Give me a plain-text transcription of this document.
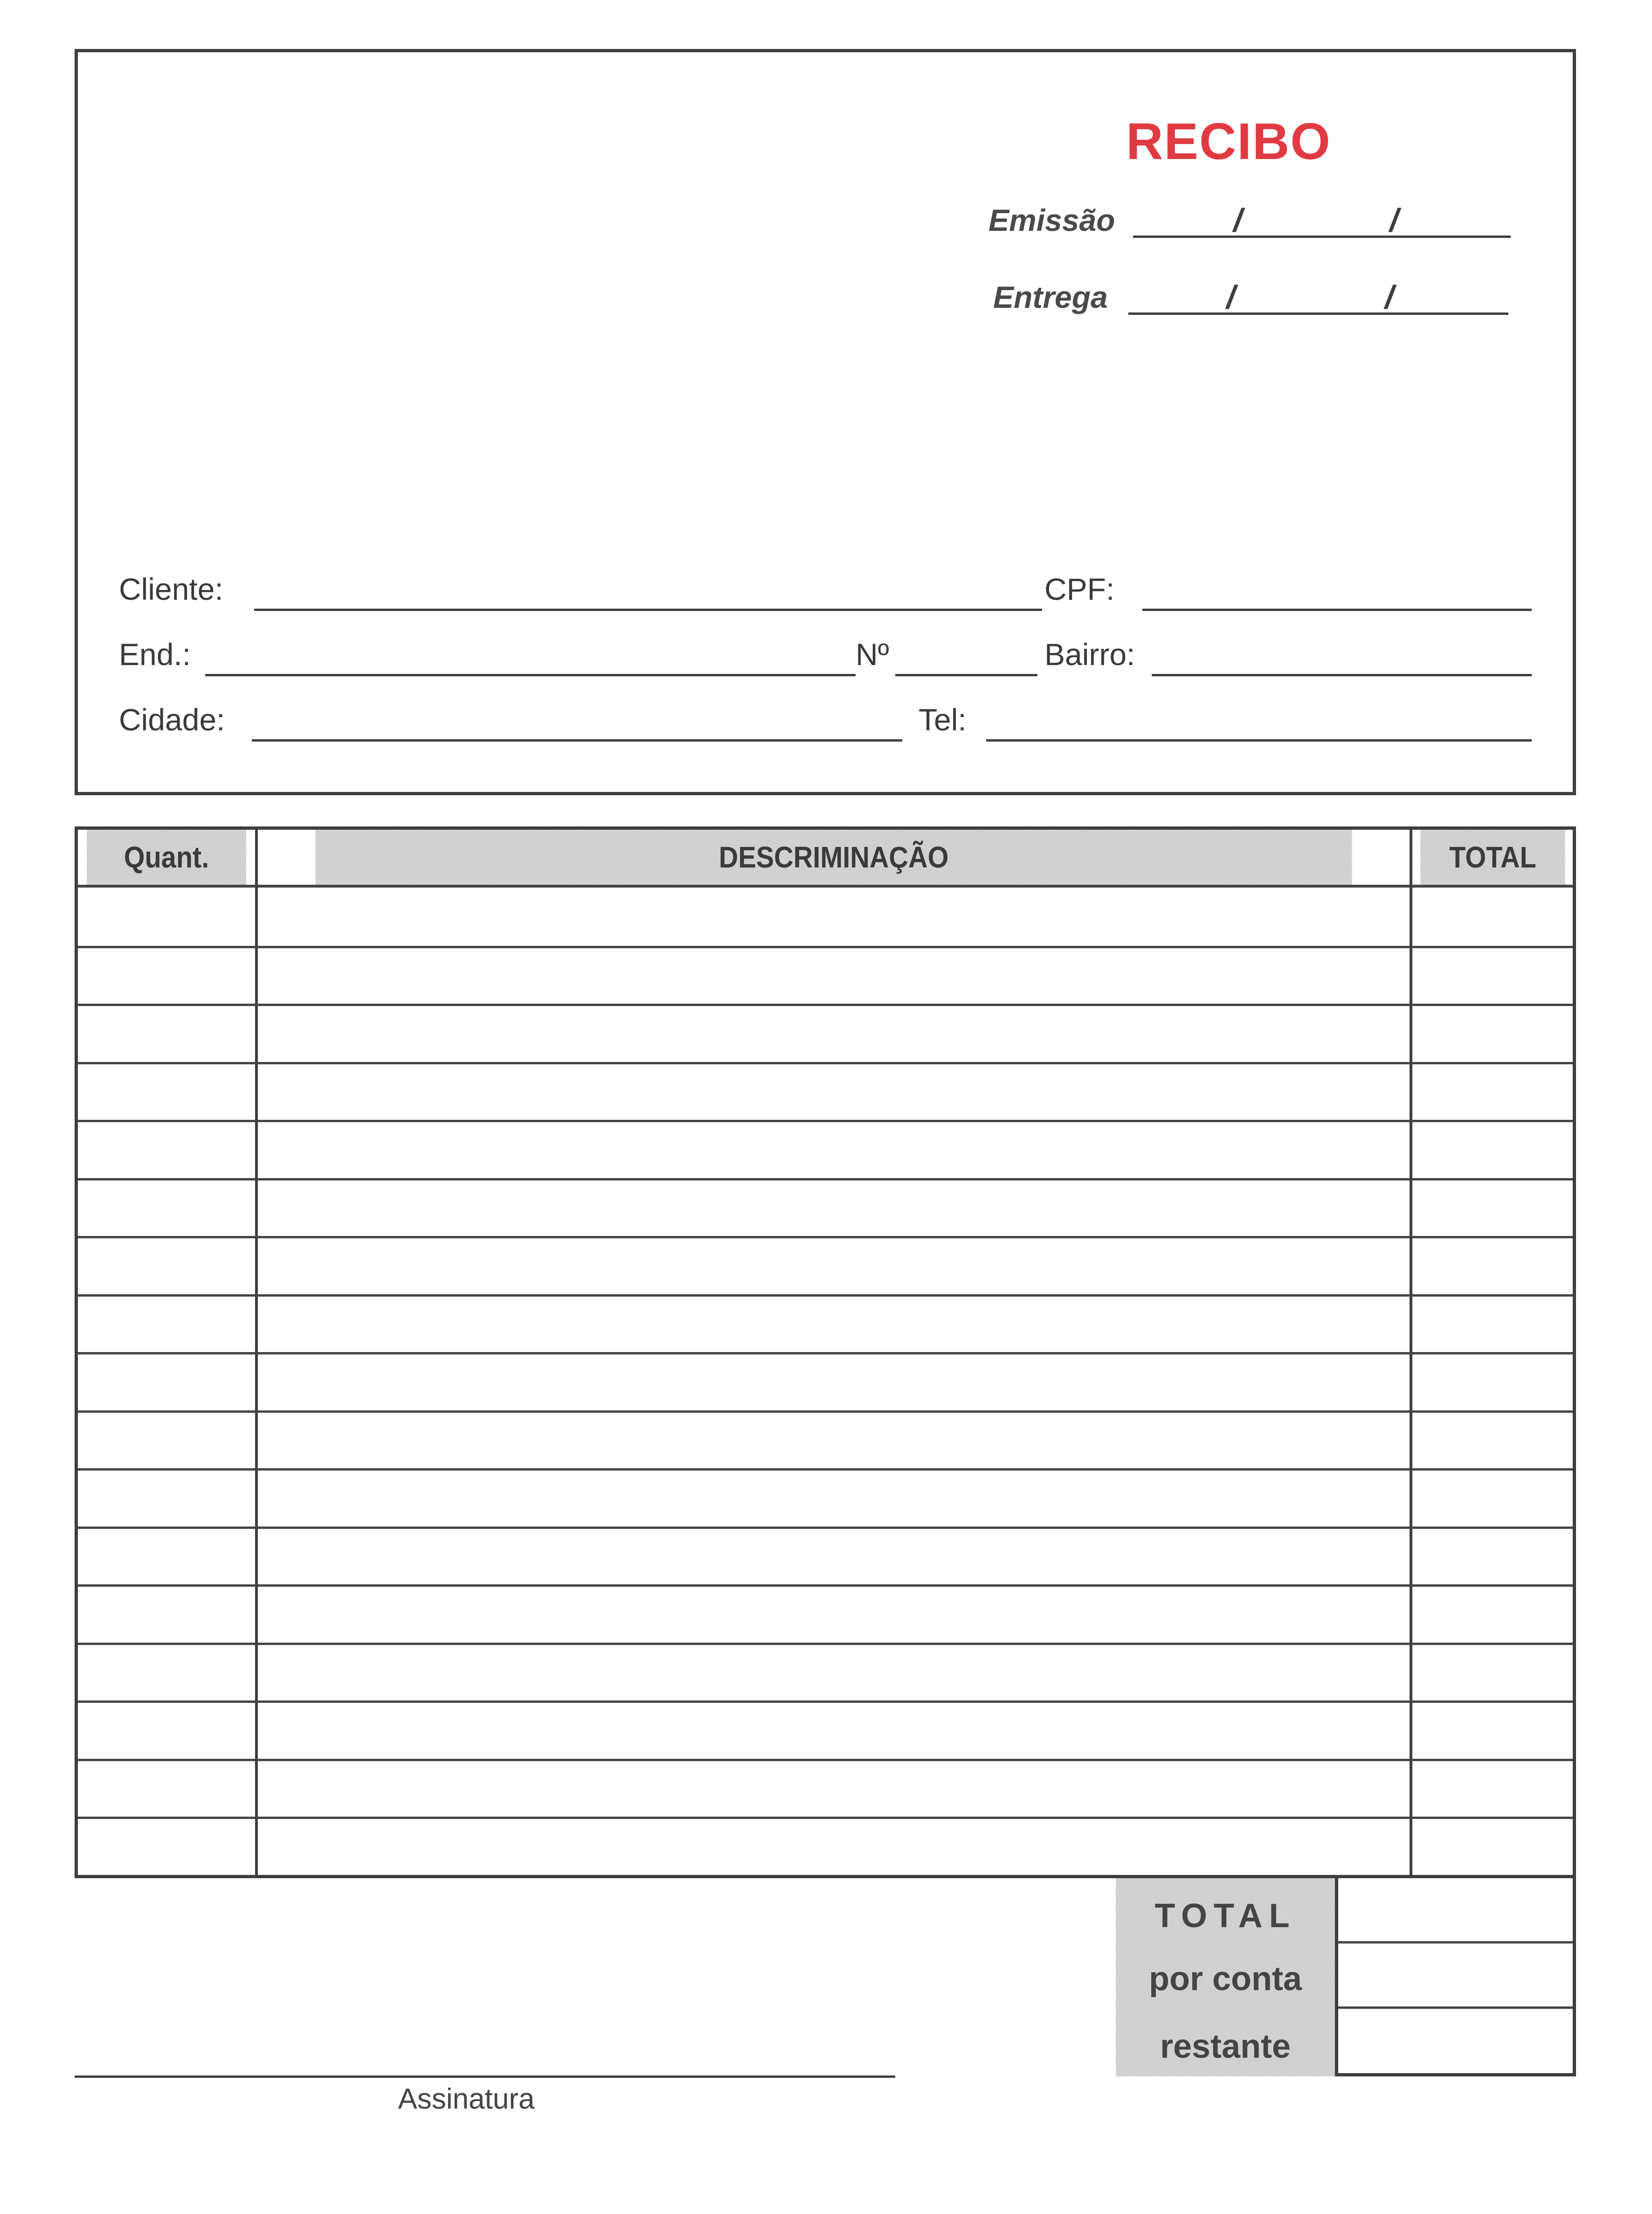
RECIBO
Emissão	/	/
Entrega	/	/
Cliente:	CPF:
End.:	Nº	Bairro:
Cidade:	Tel:
Quant.	DESCRIMINAÇÃO	TOTAL
TOTAL
por conta
restante
Assinatura
